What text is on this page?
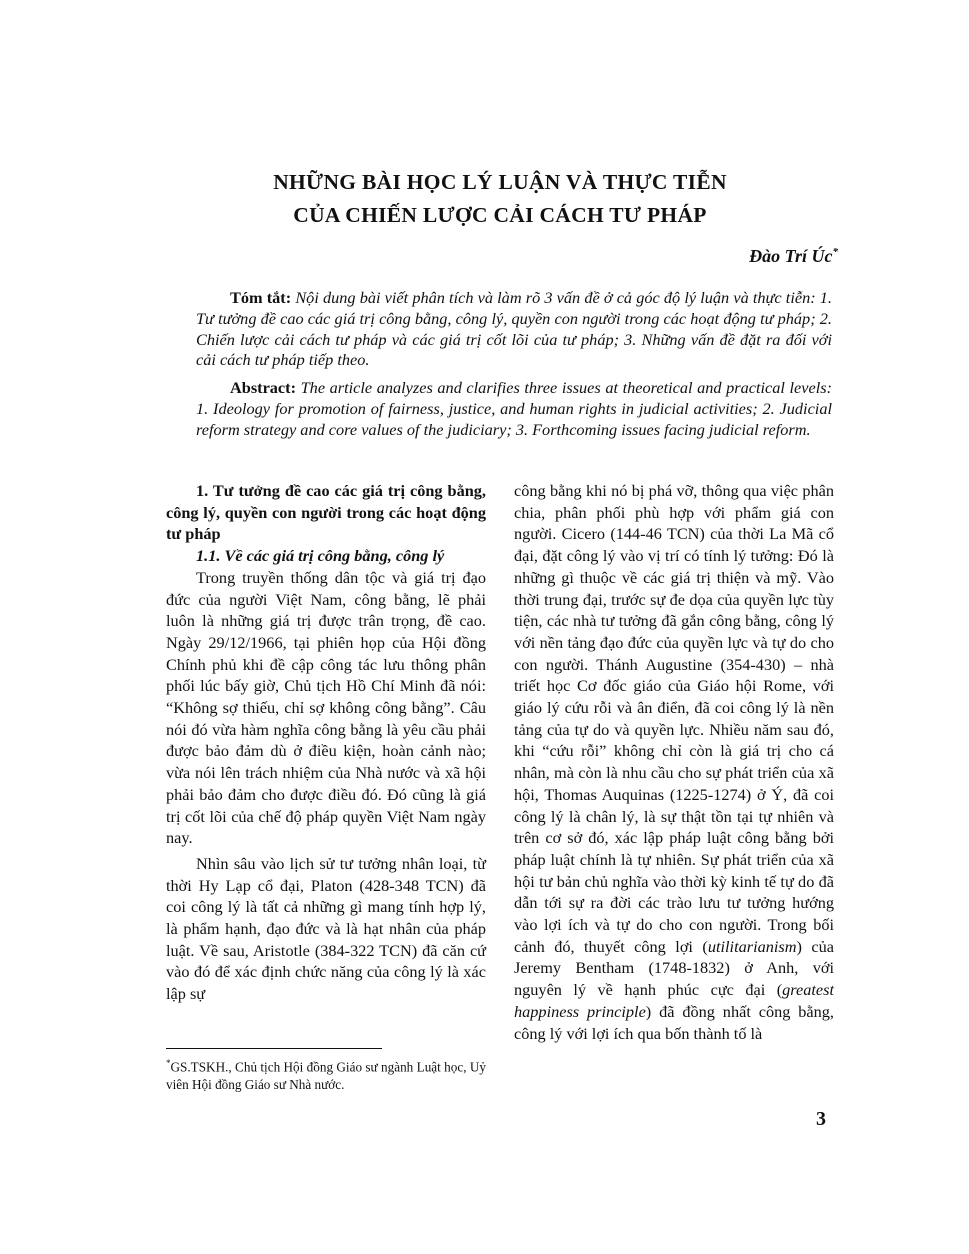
NHỮNG BÀI HỌC LÝ LUẬN VÀ THỰC TIỄN
CỦA CHIẾN LƯỢC CẢI CÁCH TƯ PHÁP
Đào Trí Úc*
Tóm tắt: Nội dung bài viết phân tích và làm rõ 3 vấn đề ở cả góc độ lý luận và thực tiễn: 1. Tư tưởng đề cao các giá trị công bằng, công lý, quyền con người trong các hoạt động tư pháp; 2. Chiến lược cải cách tư pháp và các giá trị cốt lõi của tư pháp; 3. Những vấn đề đặt ra đối với cải cách tư pháp tiếp theo.
Abstract: The article analyzes and clarifies three issues at theoretical and practical levels: 1. Ideology for promotion of fairness, justice, and human rights in judicial activities; 2. Judicial reform strategy and core values of the judiciary; 3. Forthcoming issues facing judicial reform.

1. Tư tưởng đề cao các giá trị công bằng, công lý, quyền con người trong các hoạt động tư pháp

1.1. Về các giá trị công bằng, công lý

Trong truyền thống dân tộc và giá trị đạo đức của người Việt Nam, công bằng, lẽ phải luôn là những giá trị được trân trọng, đề cao. Ngày 29/12/1966, tại phiên họp của Hội đồng Chính phủ khi đề cập công tác lưu thông phân phối lúc bấy giờ, Chủ tịch Hồ Chí Minh đã nói: “Không sợ thiếu, chỉ sợ không công bằng”. Câu nói đó vừa hàm nghĩa công bằng là yêu cầu phải được bảo đảm dù ở điều kiện, hoàn cảnh nào; vừa nói lên trách nhiệm của Nhà nước và xã hội phải bảo đảm cho được điều đó. Đó cũng là giá trị cốt lõi của chế độ pháp quyền Việt Nam ngày nay.

Nhìn sâu vào lịch sử tư tưởng nhân loại, từ thời Hy Lạp cổ đại, Platon (428-348 TCN) đã coi công lý là tất cả những gì mang tính hợp lý, là phẩm hạnh, đạo đức và là hạt nhân của pháp luật. Về sau, Aristotle (384-322 TCN) đã căn cứ vào đó để xác định chức năng của công lý là xác lập sự

công bằng khi nó bị phá vỡ, thông qua việc phân chia, phân phối phù hợp với phẩm giá con người. Cicero (144-46 TCN) của thời La Mã cổ đại, đặt công lý vào vị trí có tính lý tưởng: Đó là những gì thuộc về các giá trị thiện và mỹ. Vào thời trung đại, trước sự đe dọa của quyền lực tùy tiện, các nhà tư tưởng đã gắn công bằng, công lý với nền tảng đạo đức của quyền lực và tự do cho con người. Thánh Augustine (354-430) – nhà triết học Cơ đốc giáo của Giáo hội Rome, với giáo lý cứu rỗi và ân điển, đã coi công lý là nền tảng của tự do và quyền lực. Nhiều năm sau đó, khi “cứu rỗi” không chỉ còn là giá trị cho cá nhân, mà còn là nhu cầu cho sự phát triển của xã hội, Thomas Auquinas (1225-1274) ở Ý, đã coi công lý là chân lý, là sự thật tồn tại tự nhiên và trên cơ sở đó, xác lập pháp luật công bằng bởi pháp luật chính là tự nhiên. Sự phát triển của xã hội tư bản chủ nghĩa vào thời kỳ kinh tế tự do đã dẫn tới sự ra đời các trào lưu tư tưởng hướng vào lợi ích và tự do cho con người. Trong bối cảnh đó, thuyết công lợi (utilitarianism) của Jeremy Bentham (1748-1832) ở Anh, với nguyên lý về hạnh phúc cực đại (greatest happiness principle) đã đồng nhất công bằng, công lý với lợi ích qua bốn thành tố là

*GS.TSKH., Chủ tịch Hội đồng Giáo sư ngành Luật học, Uỷ viên Hội đồng Giáo sư Nhà nước.
3
